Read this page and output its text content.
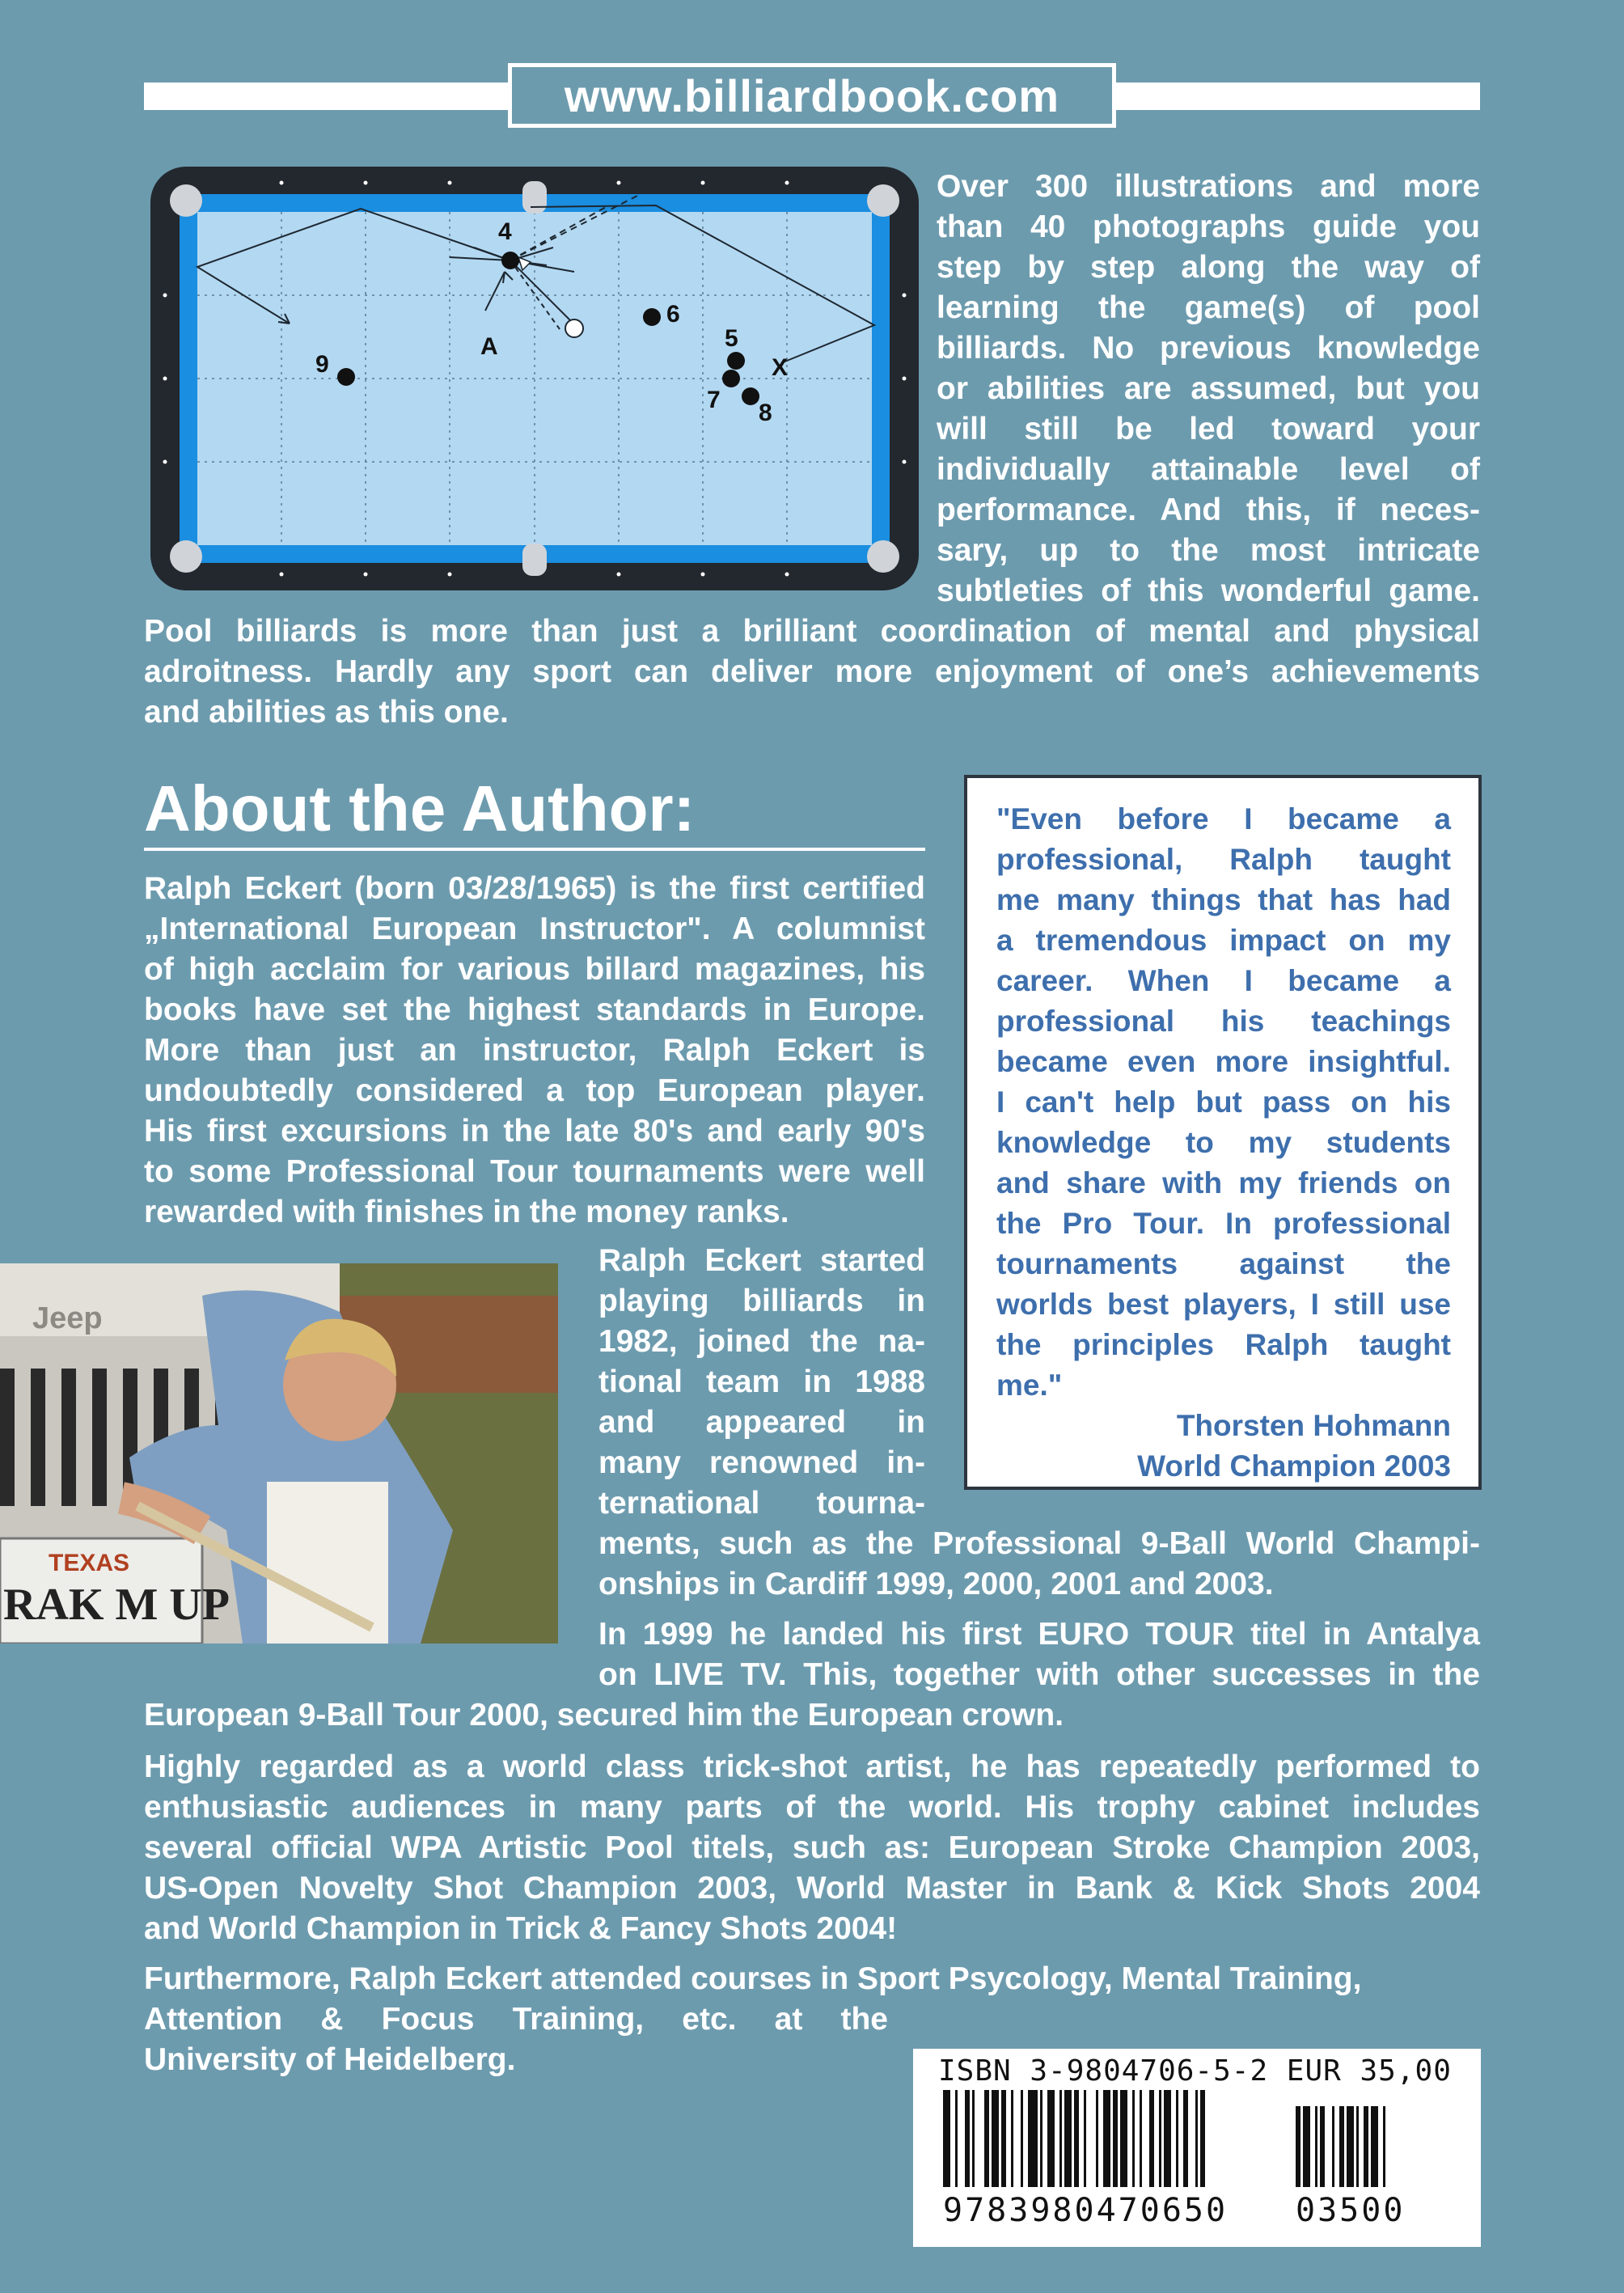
www.billiardbook.com
4
6
5
9
7 8
A
X
Over 300 illustrations and more
than 40 photographs guide you
step by step along the way of
learning the game(s) of pool
billiards. No previous knowledge
or abilities are assumed, but you
will still be led toward your
individually attainable level of
performance. And this, if neces-
sary, up to the most intricate
subtleties of this wonderful game.
Pool billiards is more than just a brilliant coordination of mental and physical
adroitness. Hardly any sport can deliver more enjoyment of one’s achievements
and abilities as this one.
About the Author:
Ralph Eckert (born 03/28/1965) is the first certified
„International European Instructor". A columnist
of high acclaim for various billard magazines, his
books have set the highest standards in Europe.
More than just an instructor, Ralph Eckert is
undoubtedly considered a top European player.
His first excursions in the late 80's and early 90's
to some Professional Tour tournaments were well
rewarded with finishes in the money ranks.
Jeep
TEXAS
RAK M UP
Ralph Eckert started
playing billiards in
1982, joined the na-
tional team in 1988
and appeared in
many renowned in-
ternational tourna-
ments, such as the Professional 9-Ball World Champi-
onships in Cardiff 1999, 2000, 2001 and 2003.
In 1999 he landed his first EURO TOUR titel in Antalya
on LIVE TV. This, together with other successes in the
European 9-Ball Tour 2000, secured him the European crown.
Highly regarded as a world class trick-shot artist, he has repeatedly performed to
enthusiastic audiences in many parts of the world. His trophy cabinet includes
several official WPA Artistic Pool titels, such as: European Stroke Champion 2003,
US-Open Novelty Shot Champion 2003, World Master in Bank & Kick Shots 2004
and World Champion in Trick & Fancy Shots 2004!
Furthermore, Ralph Eckert attended courses in Sport Psycology, Mental Training,
Attention & Focus Training, etc. at the
University of Heidelberg.
"Even before I became a
professional, Ralph taught
me many things that has had
a tremendous impact on my
career. When I became a
professional his teachings
became even more insightful.
I can't help but pass on his
knowledge to my students
and share with my friends on
the Pro Tour. In professional
tournaments against the
worlds best players, I still use
the principles Ralph taught
me."
Thorsten Hohmann
World Champion 2003
ISBN 3-9804706-5-2 EUR 35,00
9783980470650 03500
